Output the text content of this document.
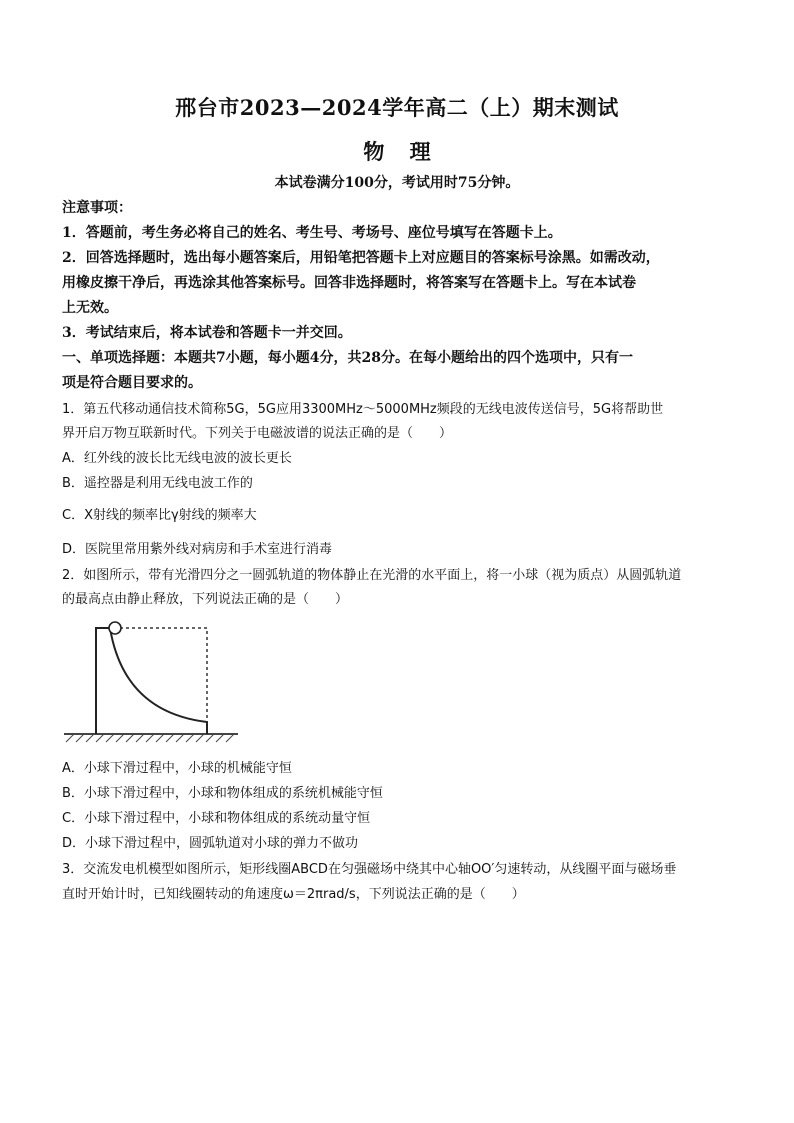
邢台市2023—2024学年高二（上）期末测试
物 理
本试卷满分100分，考试用时75分钟。
注意事项：
1．答题前，考生务必将自己的姓名、考生号、考场号、座位号填写在答题卡上。
2．回答选择题时，选出每小题答案后，用铅笔把答题卡上对应题目的答案标号涂黑。如需改动，
用橡皮擦干净后，再选涂其他答案标号。回答非选择题时，将答案写在答题卡上。写在本试卷
上无效。
3．考试结束后，将本试卷和答题卡一并交回。
一、单项选择题：本题共7小题，每小题4分，共28分。在每小题给出的四个选项中，只有一
项是符合题目要求的。
1．第五代移动通信技术简称5G，5G应用3300MHz～5000MHz频段的无线电波传送信号，5G将帮助世
界开启万物互联新时代。下列关于电磁波谱的说法正确的是（　　）
A．红外线的波长比无线电波的波长更长
B．遥控器是利用无线电波工作的
C．X射线的频率比γ射线的频率大
D．医院里常用紫外线对病房和手术室进行消毒
2．如图所示，带有光滑四分之一圆弧轨道的物体静止在光滑的水平面上，将一小球（视为质点）从圆弧轨道
的最高点由静止释放，下列说法正确的是（　　）
A．小球下滑过程中，小球的机械能守恒
B．小球下滑过程中，小球和物体组成的系统机械能守恒
C．小球下滑过程中，小球和物体组成的系统动量守恒
D．小球下滑过程中，圆弧轨道对小球的弹力不做功
3．交流发电机模型如图所示，矩形线圈ABCD在匀强磁场中绕其中心轴OO′匀速转动，从线圈平面与磁场垂
直时开始计时，已知线圈转动的角速度ω＝2πrad/s，下列说法正确的是（　　）
